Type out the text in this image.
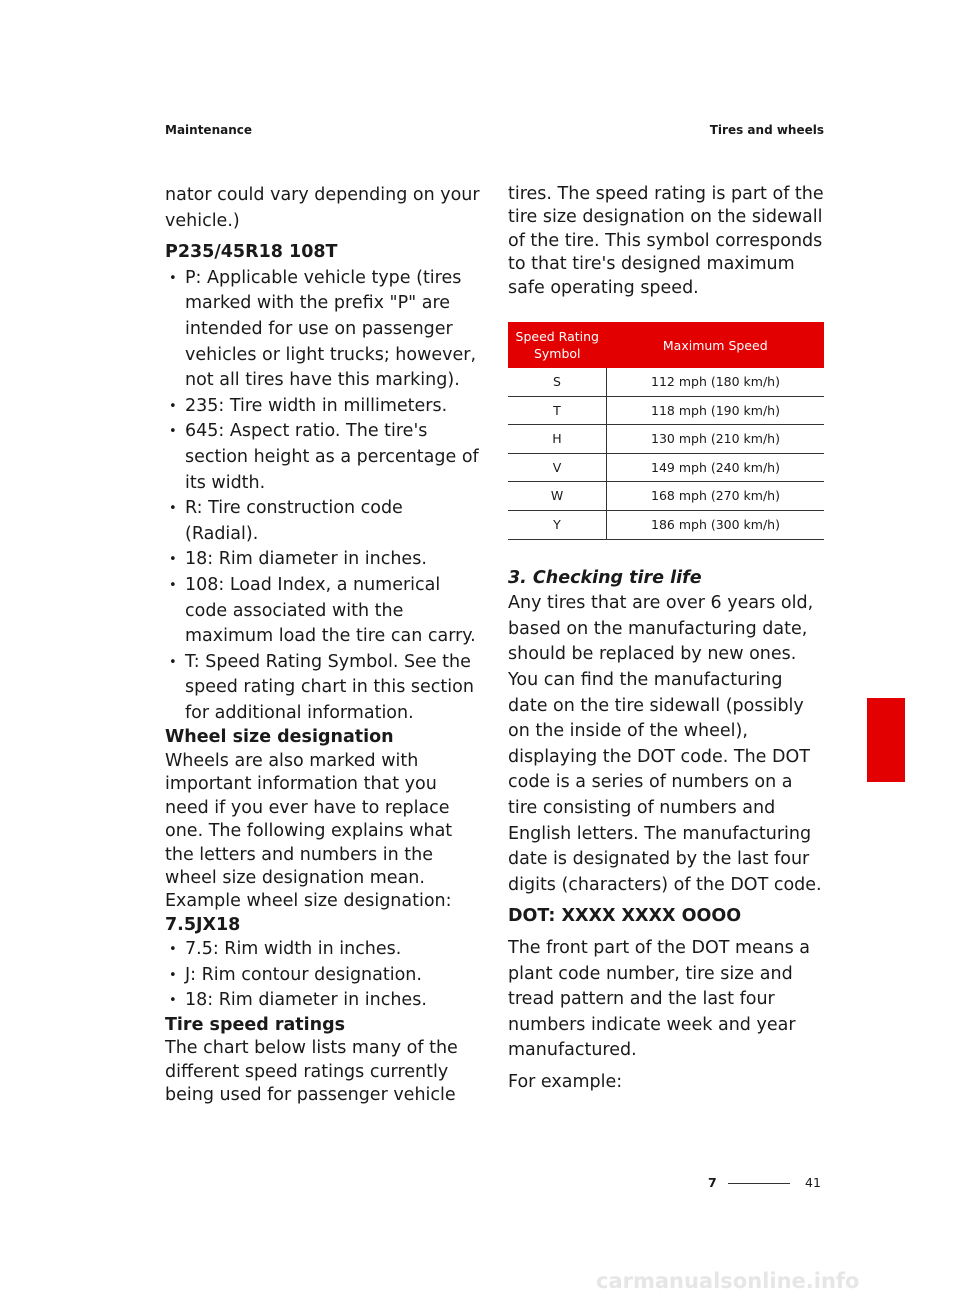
Maintenance	Tires and wheels

nator could vary depending on your

vehicle.)

P235/45R18 108T

• P: Applicable vehicle type (tires marked with the prefix "P" are intended for use on passenger vehicles or light trucks; however, not all tires have this marking).
• 235: Tire width in millimeters.
• 645: Aspect ratio. The tire's section height as a percentage of its width.
• R: Tire construction code (Radial).
• 18: Rim diameter in inches.
• 108: Load Index, a numerical code associated with the maximum load the tire can carry.
• T: Speed Rating Symbol. See the speed rating chart in this section for additional information.

Wheel size designation

Wheels are also marked with important information that you need if you ever have to replace one. The following explains what the letters and numbers in the wheel size designation mean.

Example wheel size designation:

7.5JX18

• 7.5: Rim width in inches.
• J: Rim contour designation.
• 18: Rim diameter in inches.

Tire speed ratings

The chart below lists many of the different speed ratings currently being used for passenger vehicle

tires. The speed rating is part of the tire size designation on the sidewall of the tire. This symbol corresponds to that tire's designed maximum safe operating speed.

Speed Rating Symbol	Maximum Speed
S	112 mph (180 km/h)
T	118 mph (190 km/h)
H	130 mph (210 km/h)
V	149 mph (240 km/h)
W	168 mph (270 km/h)
Y	186 mph (300 km/h)

3. Checking tire life

Any tires that are over 6 years old, based on the manufacturing date, should be replaced by new ones. You can find the manufacturing date on the tire sidewall (possibly on the inside of the wheel), displaying the DOT code. The DOT code is a series of numbers on a tire consisting of numbers and English letters. The manufacturing date is designated by the last four digits (characters) of the DOT code.

DOT: XXXX XXXX OOOO

The front part of the DOT means a plant code number, tire size and tread pattern and the last four numbers indicate week and year manufactured.

For example:

7
7	41
carmanualsonline.info
